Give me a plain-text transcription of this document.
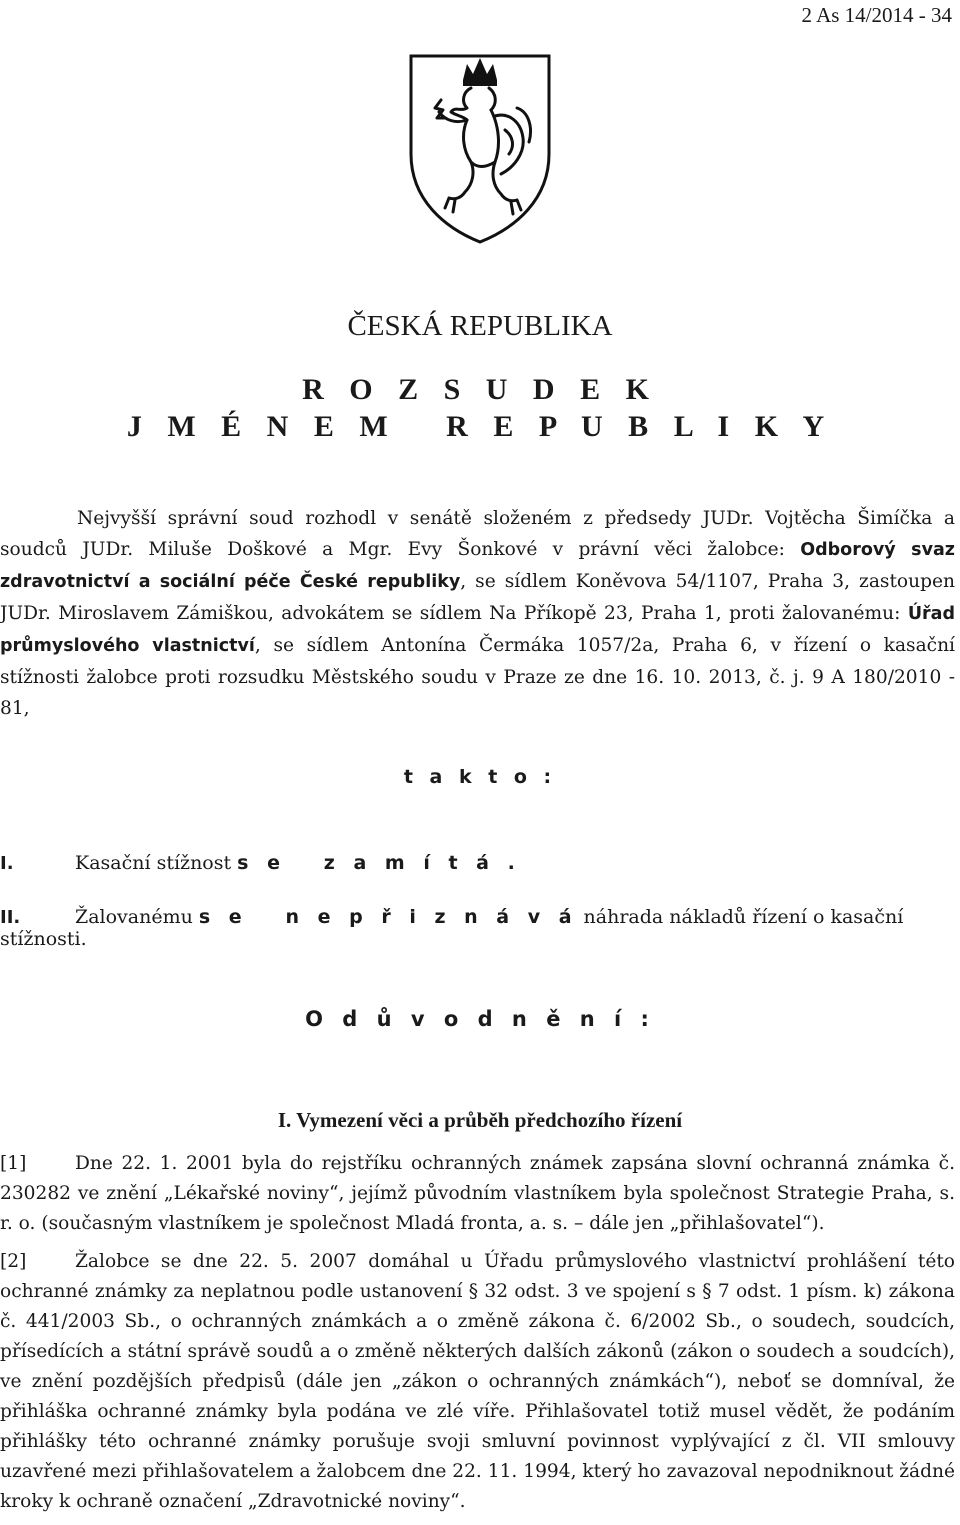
2 As 14/2014 - 34
ČESKÁ REPUBLIKA
R O Z S U D E K
J M É N E M   R E P U B L I K Y

Nejvyšší správní soud rozhodl v senátě složeném z předsedy JUDr. Vojtěcha Šimíčka a soudců JUDr. Miluše Doškové a Mgr. Evy Šonkové v právní věci žalobce: Odborový svaz zdravotnictví a sociální péče České republiky, se sídlem Koněvova 54/1107, Praha 3, zastoupen JUDr. Miroslavem Zámiškou, advokátem se sídlem Na Příkopě 23, Praha 1, proti žalovanému: Úřad průmyslového vlastnictví, se sídlem Antonína Čermáka 1057/2a, Praha 6, v řízení o kasační stížnosti žalobce proti rozsudku Městského soudu v Praze ze dne 16. 10. 2013, č. j. 9 A 180/2010 - 81,

t a k t o :
I.	Kasační stížnost s e   z a m í t á .
II.	Žalovanému s e   n e p ř i z n á v á náhrada nákladů řízení o kasační stížnosti.
O d ů v o d n ě n í :
I. Vymezení věci a průběh předchozího řízení

[1]	Dne 22. 1. 2001 byla do rejstříku ochranných známek zapsána slovní ochranná známka č. 230282 ve znění „Lékařské noviny“, jejímž původním vlastníkem byla společnost Strategie Praha, s. r. o. (současným vlastníkem je společnost Mladá fronta, a. s. – dále jen „přihlašovatel“).

[2]	Žalobce se dne 22. 5. 2007 domáhal u Úřadu průmyslového vlastnictví prohlášení této ochranné známky za neplatnou podle ustanovení § 32 odst. 3 ve spojení s § 7 odst. 1 písm. k) zákona č. 441/2003 Sb., o ochranných známkách a o změně zákona č. 6/2002 Sb., o soudech, soudcích, přísedících a státní správě soudů a o změně některých dalších zákonů (zákon o soudech a soudcích), ve znění pozdějších předpisů (dále jen „zákon o ochranných známkách“), neboť se domníval, že přihláška ochranné známky byla podána ve zlé víře. Přihlašovatel totiž musel vědět, že podáním přihlášky této ochranné známky porušuje svoji smluvní povinnost vyplývající z čl. VII smlouvy uzavřené mezi přihlašovatelem a žalobcem dne 22. 11. 1994, který ho zavazoval nepodniknout žádné kroky k ochraně označení „Zdravotnické noviny“.
